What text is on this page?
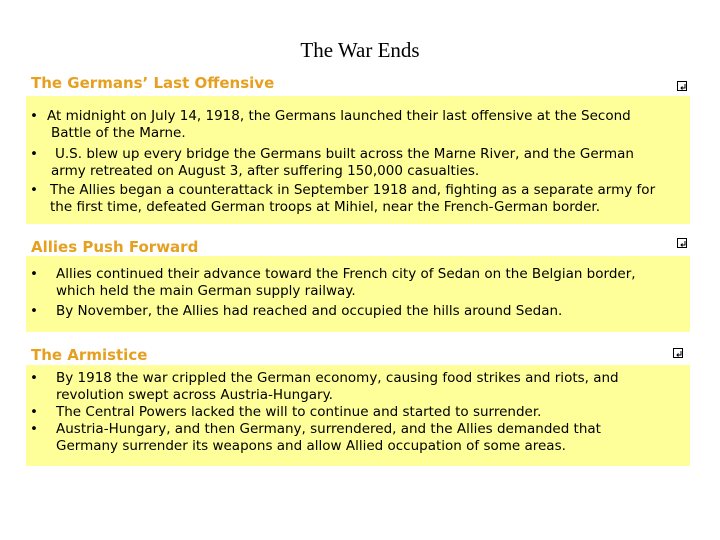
The War Ends
The Germans’ Last Offensive
• At midnight on July 14, 1918, the Germans launched their last offensive at the Second
Battle of the Marne.
• U.S. blew up every bridge the Germans built across the Marne River, and the German
army retreated on August 3, after suffering 150,000 casualties.
• The Allies began a counterattack in September 1918 and, fighting as a separate army for
the first time, defeated German troops at Mihiel, near the French-German border.
Allies Push Forward
• Allies continued their advance toward the French city of Sedan on the Belgian border,
which held the main German supply railway.
• By November, the Allies had reached and occupied the hills around Sedan.
The Armistice
• By 1918 the war crippled the German economy, causing food strikes and riots, and
revolution swept across Austria-Hungary.
• The Central Powers lacked the will to continue and started to surrender.
• Austria-Hungary, and then Germany, surrendered, and the Allies demanded that
Germany surrender its weapons and allow Allied occupation of some areas.
